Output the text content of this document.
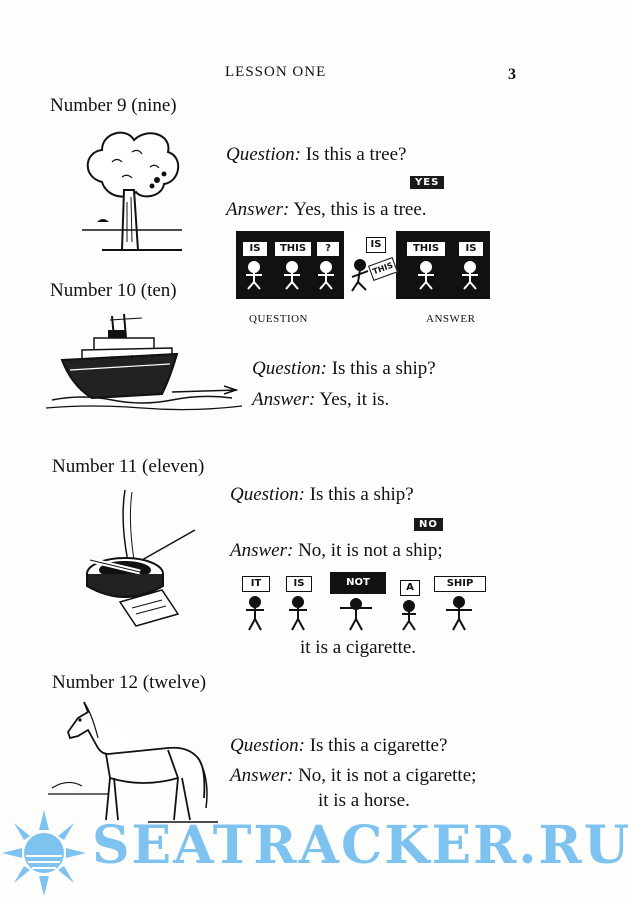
LESSON ONE	3
Number 9 (nine)
Question: Is this a tree?
YES
Answer: Yes, this is a tree.
IS	THIS	?	IS
THIS
THIS	IS
QUESTION	ANSWER
Number 10 (ten)
Question: Is this a ship?
Answer: Yes, it is.
Number 11 (eleven)
Question: Is this a ship?
NO
Answer: No, it is not a ship;
IT	IS	NOT	A	SHIP
it is a cigarette.
Number 12 (twelve)
Question: Is this a cigarette?
Answer: No, it is not a cigarette;
it is a horse.
SEATRACKER.RU
